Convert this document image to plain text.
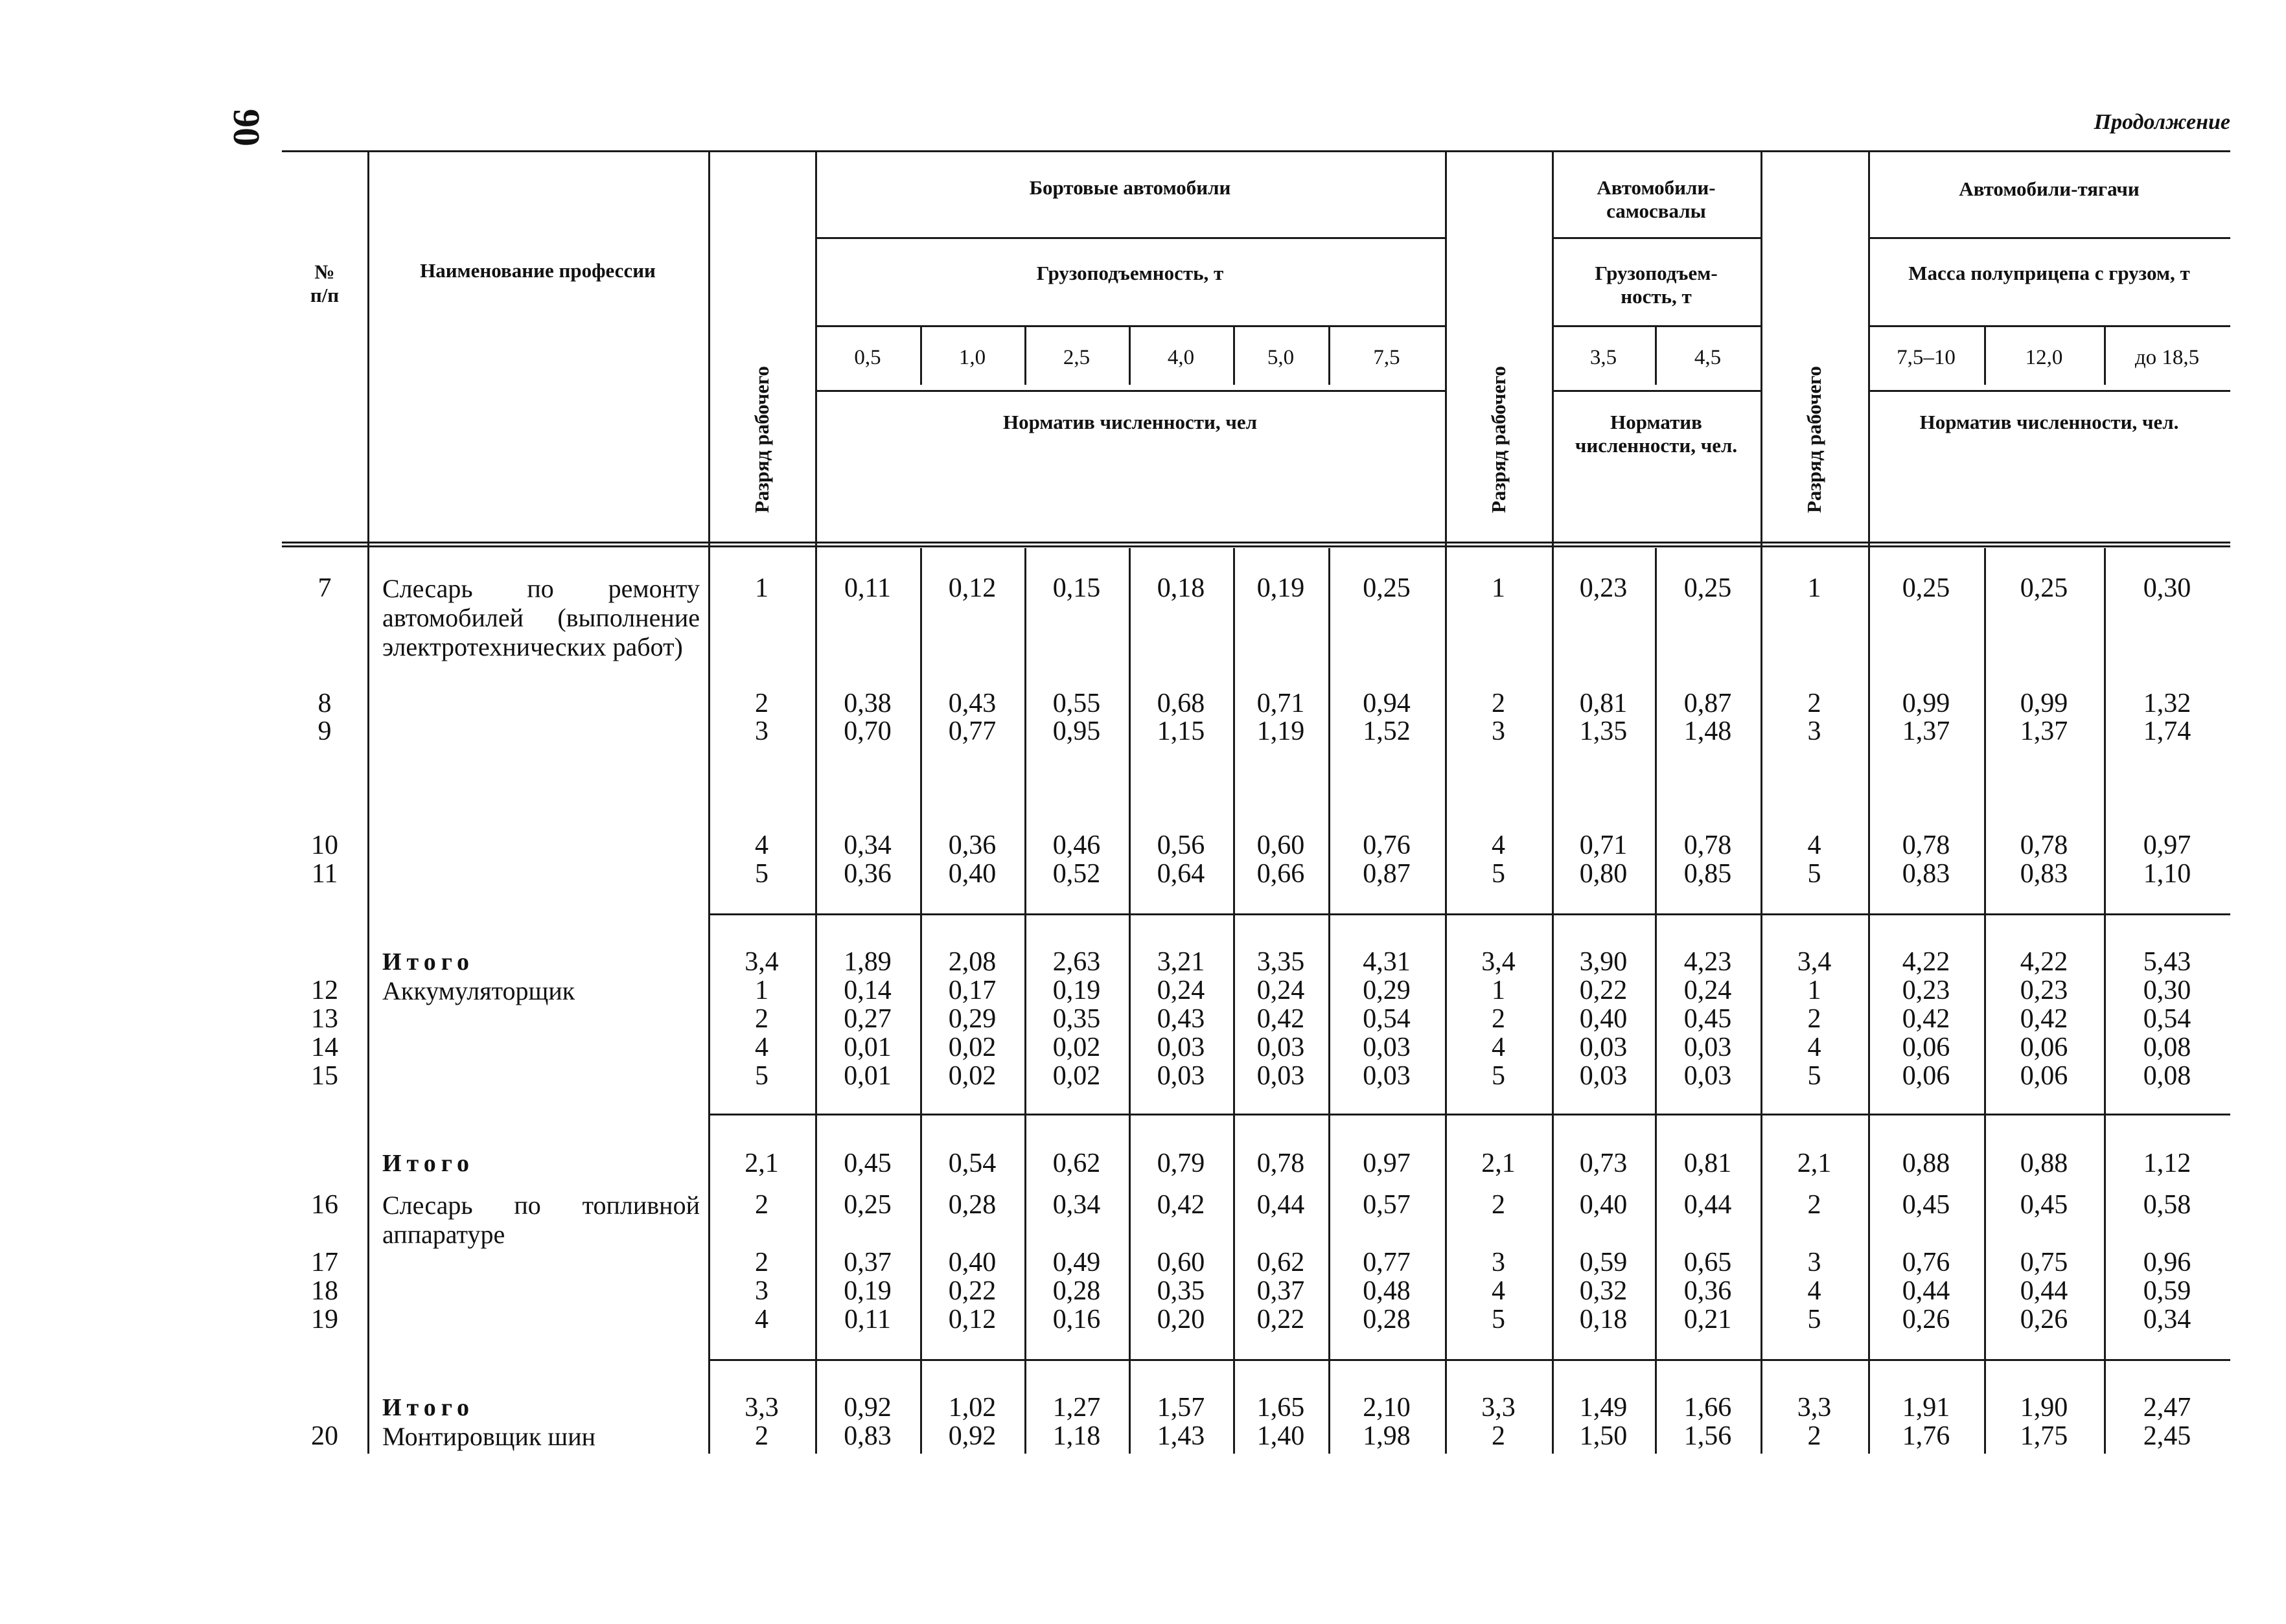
90	Продолжение
№
п/п
Наименование профессии
Разряд рабочего	Разряд рабочего	Разряд рабочего
Бортовые автомобили
Грузоподъемность, т
0,5	1,0	2,5	4,0	5,0	7,5
Норматив численности, чел
Автомобили-самосвалы
Грузоподъем-ность, т
3,5	4,5
Норматив численности, чел.
Автомобили-тягачи
Масса полуприцепа с грузом, т
7,5–10	12,0	до 18,5
Норматив численности, чел.
7	Слесарь по ремонту автомобилей (выполнение электротехнических работ)
1	0,11	0,12	0,15	0,18	0,19	0,25	1	0,23	0,25	1	0,25	0,25	0,30
8	2	0,38	0,43	0,55	0,68	0,71	0,94	2	0,81	0,87	2	0,99	0,99	1,32
9	3	0,70	0,77	0,95	1,15	1,19	1,52	3	1,35	1,48	3	1,37	1,37	1,74
10	4	0,34	0,36	0,46	0,56	0,60	0,76	4	0,71	0,78	4	0,78	0,78	0,97
11	5	0,36	0,40	0,52	0,64	0,66	0,87	5	0,80	0,85	5	0,83	0,83	1,10
Итого	3,4	1,89	2,08	2,63	3,21	3,35	4,31	3,4	3,90	4,23	3,4	4,22	4,22	5,43
12	Аккумуляторщик	1	0,14	0,17	0,19	0,24	0,24	0,29	1	0,22	0,24	1	0,23	0,23	0,30
13	2	0,27	0,29	0,35	0,43	0,42	0,54	2	0,40	0,45	2	0,42	0,42	0,54
14	4	0,01	0,02	0,02	0,03	0,03	0,03	4	0,03	0,03	4	0,06	0,06	0,08
15	5	0,01	0,02	0,02	0,03	0,03	0,03	5	0,03	0,03	5	0,06	0,06	0,08
Итого	2,1	0,45	0,54	0,62	0,79	0,78	0,97	2,1	0,73	0,81	2,1	0,88	0,88	1,12
16	Слесарь по топливной аппаратуре
2	0,25	0,28	0,34	0,42	0,44	0,57	2	0,40	0,44	2	0,45	0,45	0,58
17	2	0,37	0,40	0,49	0,60	0,62	0,77	3	0,59	0,65	3	0,76	0,75	0,96
18	3	0,19	0,22	0,28	0,35	0,37	0,48	4	0,32	0,36	4	0,44	0,44	0,59
19	4	0,11	0,12	0,16	0,20	0,22	0,28	5	0,18	0,21	5	0,26	0,26	0,34
Итого	3,3	0,92	1,02	1,27	1,57	1,65	2,10	3,3	1,49	1,66	3,3	1,91	1,90	2,47
20	Монтировщик шин	2	0,83	0,92	1,18	1,43	1,40	1,98	2	1,50	1,56	2	1,76	1,75	2,45
